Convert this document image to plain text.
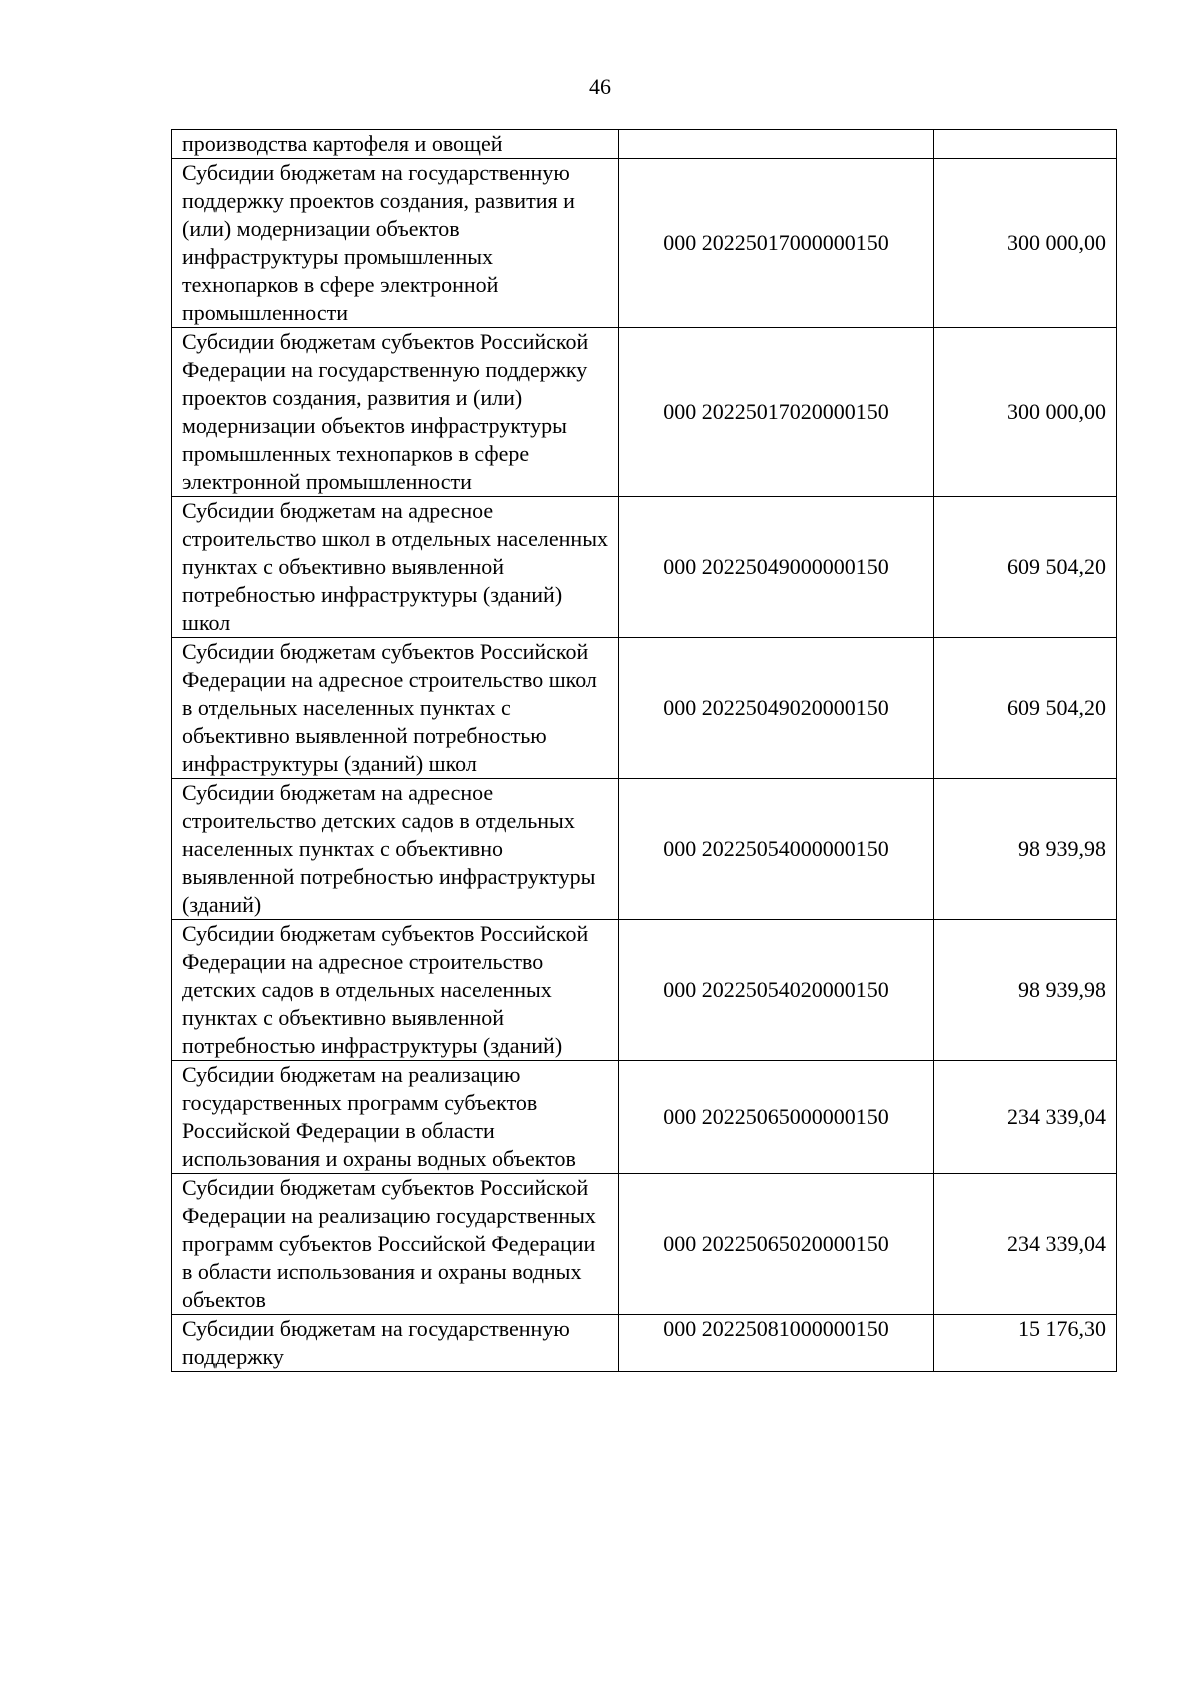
46
производства картофеля и овощей		
Субсидии бюджетам на государственную поддержку проектов создания, развития и (или) модернизации объектов инфраструктуры промышленных технопарков в сфере электронной промышленности	000 20225017000000150	300 000,00
Субсидии бюджетам субъектов Российской Федерации на государственную поддержку проектов создания, развития и (или) модернизации объектов инфраструктуры промышленных технопарков в сфере электронной промышленности	000 20225017020000150	300 000,00
Субсидии бюджетам на адресное строительство школ в отдельных населенных пунктах с объективно выявленной потребностью инфраструктуры (зданий) школ	000 20225049000000150	609 504,20
Субсидии бюджетам субъектов Российской Федерации на адресное строительство школ в отдельных населенных пунктах с объективно выявленной потребностью инфраструктуры (зданий) школ	000 20225049020000150	609 504,20
Субсидии бюджетам на адресное строительство детских садов в отдельных населенных пунктах с объективно выявленной потребностью инфраструктуры (зданий)	000 20225054000000150	98 939,98
Субсидии бюджетам субъектов Российской Федерации на адресное строительство детских садов в отдельных населенных пунктах с объективно выявленной потребностью инфраструктуры (зданий)	000 20225054020000150	98 939,98
Субсидии бюджетам на реализацию государственных программ субъектов Российской Федерации в области использования и охраны водных объектов	000 20225065000000150	234 339,04
Субсидии бюджетам субъектов Российской Федерации на реализацию государственных программ субъектов Российской Федерации в области использования и охраны водных объектов	000 20225065020000150	234 339,04
Субсидии бюджетам на государственную поддержку	000 20225081000000150	15 176,30
